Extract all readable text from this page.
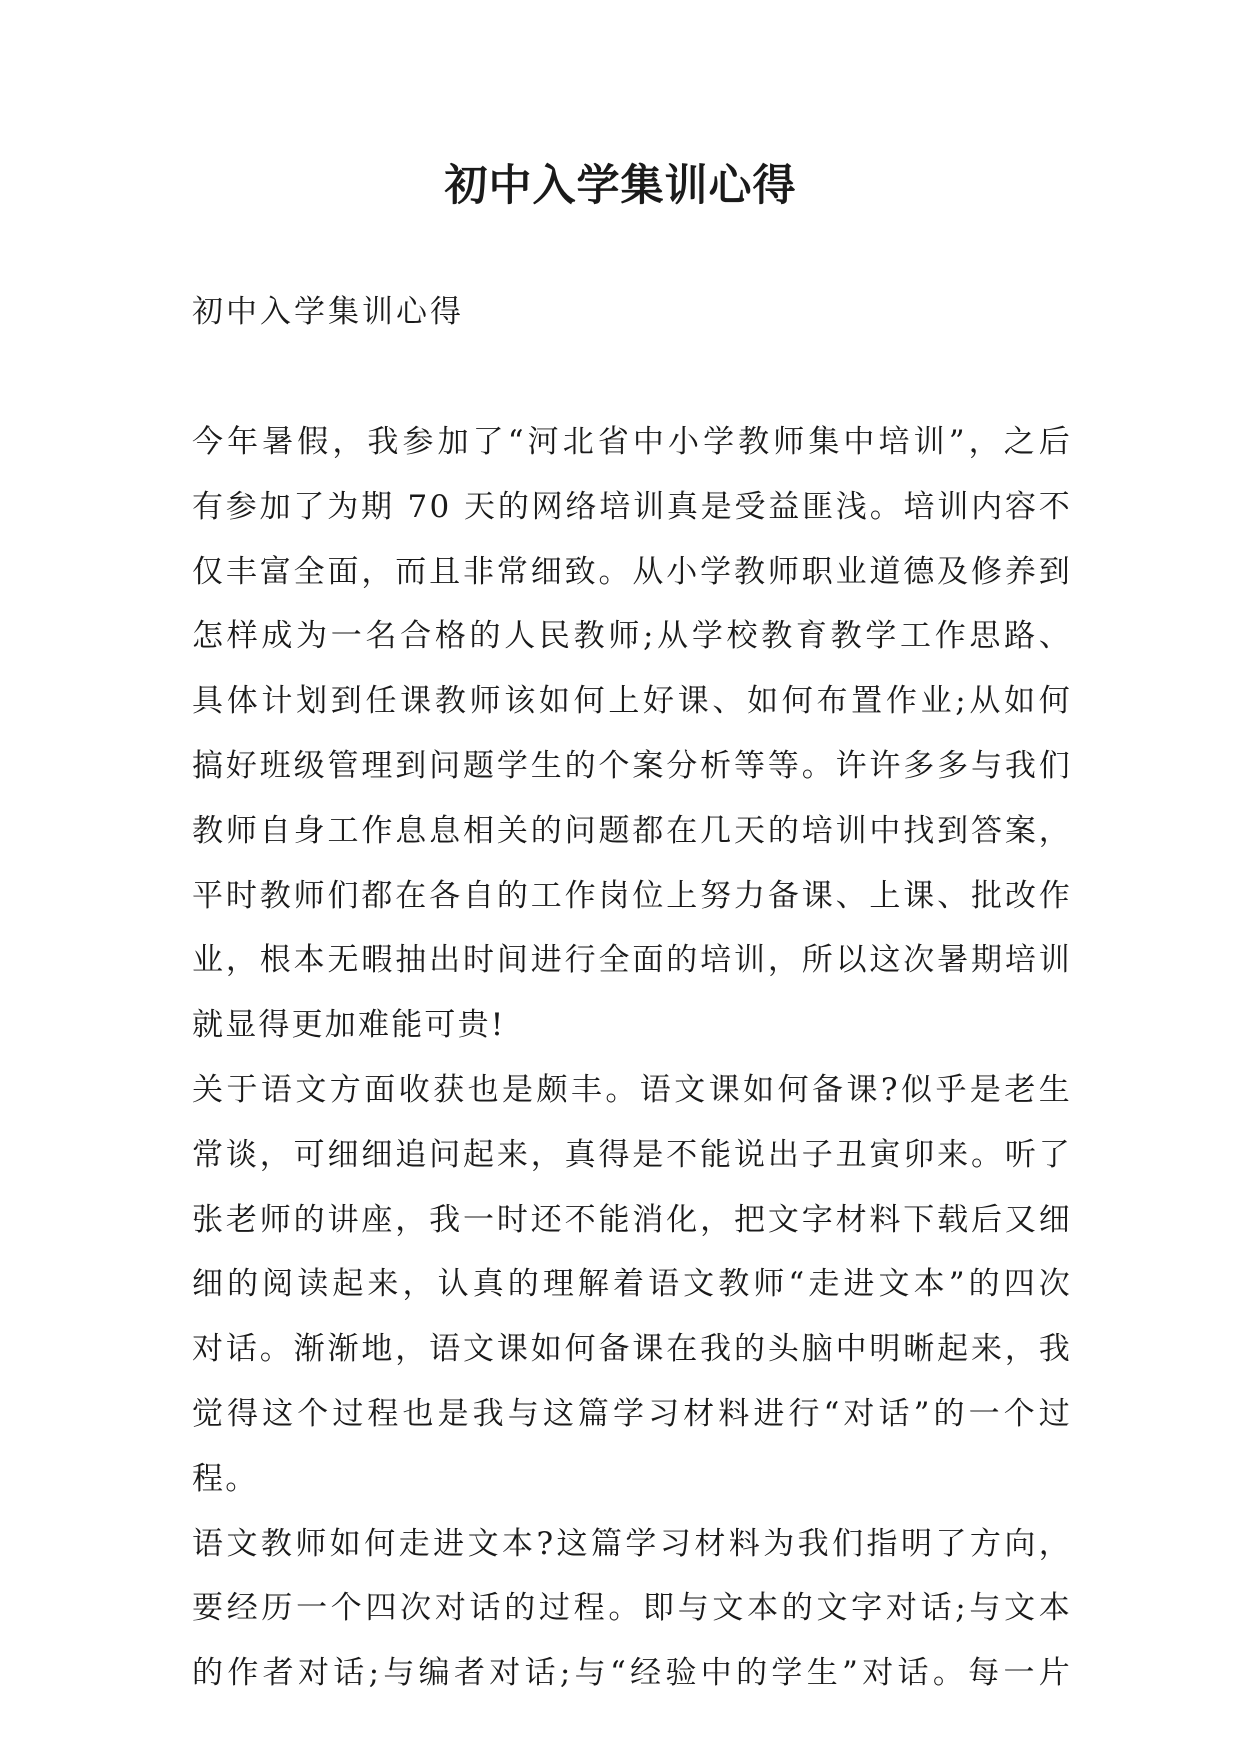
初中入学集训心得

初中入学集训心得

今年暑假，我参加了“河北省中小学教师集中培训”，之后
有参加了为期 70 天的网络培训真是受益匪浅。培训内容不
仅丰富全面，而且非常细致。从小学教师职业道德及修养到
怎样成为一名合格的人民教师;从学校教育教学工作思路、
具体计划到任课教师该如何上好课、如何布置作业;从如何
搞好班级管理到问题学生的个案分析等等。许许多多与我们
教师自身工作息息相关的问题都在几天的培训中找到答案，
平时教师们都在各自的工作岗位上努力备课、上课、批改作
业，根本无暇抽出时间进行全面的培训，所以这次暑期培训
就显得更加难能可贵!
关于语文方面收获也是颇丰。语文课如何备课?似乎是老生
常谈，可细细追问起来，真得是不能说出子丑寅卯来。听了
张老师的讲座，我一时还不能消化，把文字材料下载后又细
细的阅读起来，认真的理解着语文教师“走进文本”的四次
对话。渐渐地，语文课如何备课在我的头脑中明晰起来，我
觉得这个过程也是我与这篇学习材料进行“对话”的一个过
程。
语文教师如何走进文本?这篇学习材料为我们指明了方向，
要经历一个四次对话的过程。即与文本的文字对话;与文本
的作者对话;与编者对话;与“经验中的学生”对话。每一片
